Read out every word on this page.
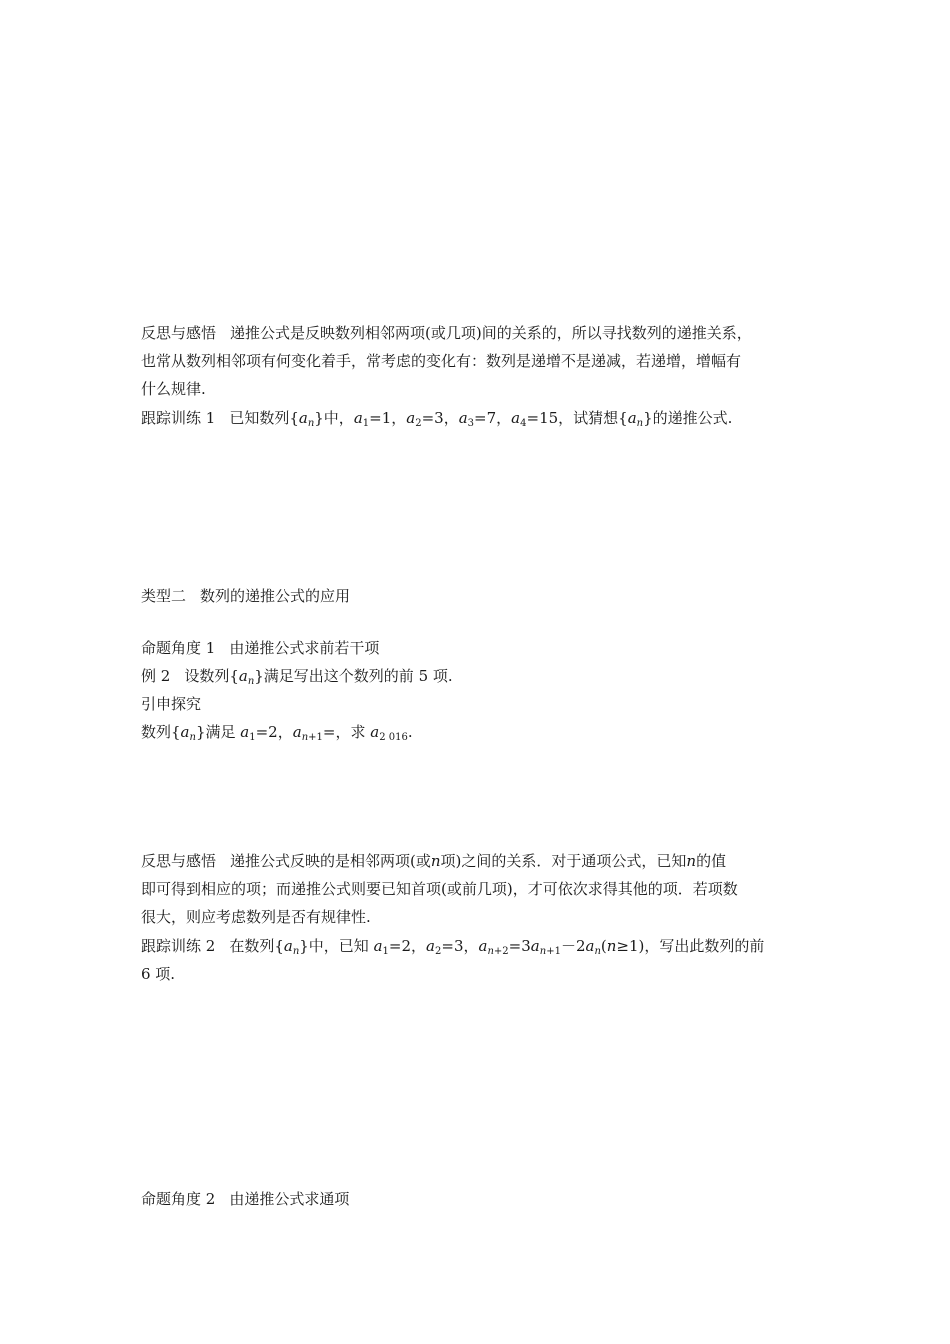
反思与感悟 递推公式是反映数列相邻两项(或几项)间的关系的，所以寻找数列的递推关系，
也常从数列相邻项有何变化着手，常考虑的变化有：数列是递增不是递减，若递增，增幅有
什么规律.
跟踪训练 1 已知数列$\{a_n\}$中，$a_1=1$，$a_2=3$，$a_3=7$，$a_4=15$，试猜想$\{a_n\}$的递推公式.
类型二 数列的递推公式的应用
命题角度 1 由递推公式求前若干项
例 2 设数列$\{a_n\}$满足写出这个数列的前 5 项.
引申探究
数列$\{a_n\}$满足 $a_1=2$，$a_{n+1}=$，求 $a_{2 016}$.
反思与感悟 递推公式反映的是相邻两项(或n项)之间的关系．对于通项公式，已知n的值
即可得到相应的项；而递推公式则要已知首项(或前几项)，才可依次求得其他的项．若项数
很大，则应考虑数列是否有规律性.
跟踪训练 2 在数列$\{a_n\}$中，已知 $a_1=2$，$a_2=3$，$a_{n+2}=3a_{n+1}-2a_n(n\ge 1)$，写出此数列的前
6 项.
命题角度 2 由递推公式求通项
